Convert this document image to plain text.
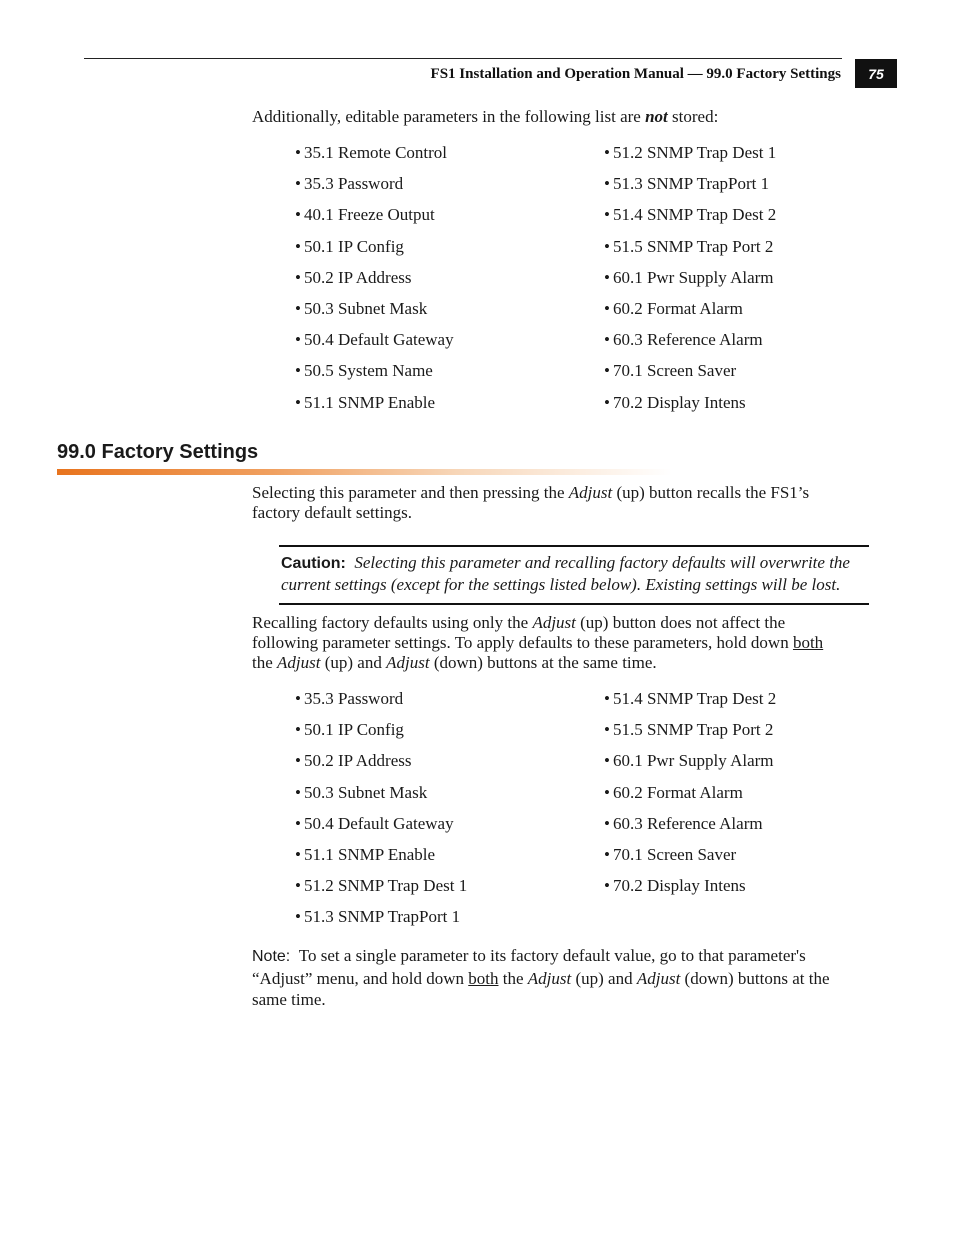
FS1 Installation and Operation Manual — 99.0 Factory Settings	75
Additionally, editable parameters in the following list are not stored:
• 35.1 Remote Control
• 35.3 Password
• 40.1 Freeze Output
• 50.1 IP Config
• 50.2 IP Address
• 50.3 Subnet Mask
• 50.4 Default Gateway
• 50.5 System Name
• 51.1 SNMP Enable
• 51.2 SNMP Trap Dest 1
• 51.3 SNMP TrapPort 1
• 51.4 SNMP Trap Dest 2
• 51.5 SNMP Trap Port 2
• 60.1 Pwr Supply Alarm
• 60.2 Format Alarm
• 60.3 Reference Alarm
• 70.1 Screen Saver
• 70.2 Display Intens
99.0 Factory Settings
Selecting this parameter and then pressing the Adjust (up) button recalls the FS1’s
factory default settings.
Caution: Selecting this parameter and recalling factory defaults will overwrite the
current settings (except for the settings listed below). Existing settings will be lost.
Recalling factory defaults using only the Adjust (up) button does not affect the
following parameter settings. To apply defaults to these parameters, hold down both
the Adjust (up) and Adjust (down) buttons at the same time.
• 35.3 Password
• 50.1 IP Config
• 50.2 IP Address
• 50.3 Subnet Mask
• 50.4 Default Gateway
• 51.1 SNMP Enable
• 51.2 SNMP Trap Dest 1
• 51.3 SNMP TrapPort 1
• 51.4 SNMP Trap Dest 2
• 51.5 SNMP Trap Port 2
• 60.1 Pwr Supply Alarm
• 60.2 Format Alarm
• 60.3 Reference Alarm
• 70.1 Screen Saver
• 70.2 Display Intens
Note: To set a single parameter to its factory default value, go to that parameter's
“Adjust” menu, and hold down both the Adjust (up) and Adjust (down) buttons at the
same time.
